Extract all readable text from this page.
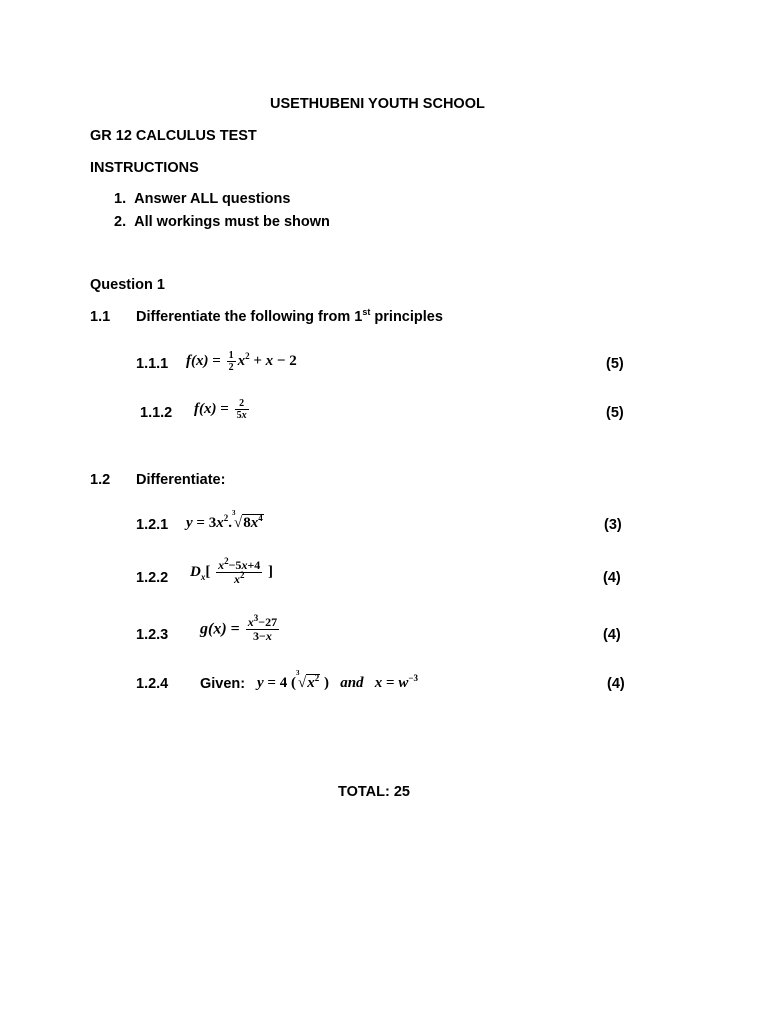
USETHUBENI YOUTH SCHOOL
GR 12 CALCULUS TEST
INSTRUCTIONS
1. Answer ALL questions
2. All workings must be shown
Question 1
1.1 Differentiate the following from 1st principles
1.1.1 $f(x) = \frac{1}{2} x^2 + x - 2$	(5)
1.1.2 $f(x) = \frac{2}{5x}$	(5)
1.2 Differentiate:
1.2.1 $y = 3x^2$.
3
$√8x^4$	(3)
1.2.2 $D_x[ \frac{x^2-5x+4}{x^2}$ ]	(4)
1.2.3 $g(x) = \frac{x^3-27}{3-x}$	(4)
1.2.4 Given: y = 4 (
3
$√x^2$ )   and   $x = w^{-3}$	(4)
TOTAL: 25
